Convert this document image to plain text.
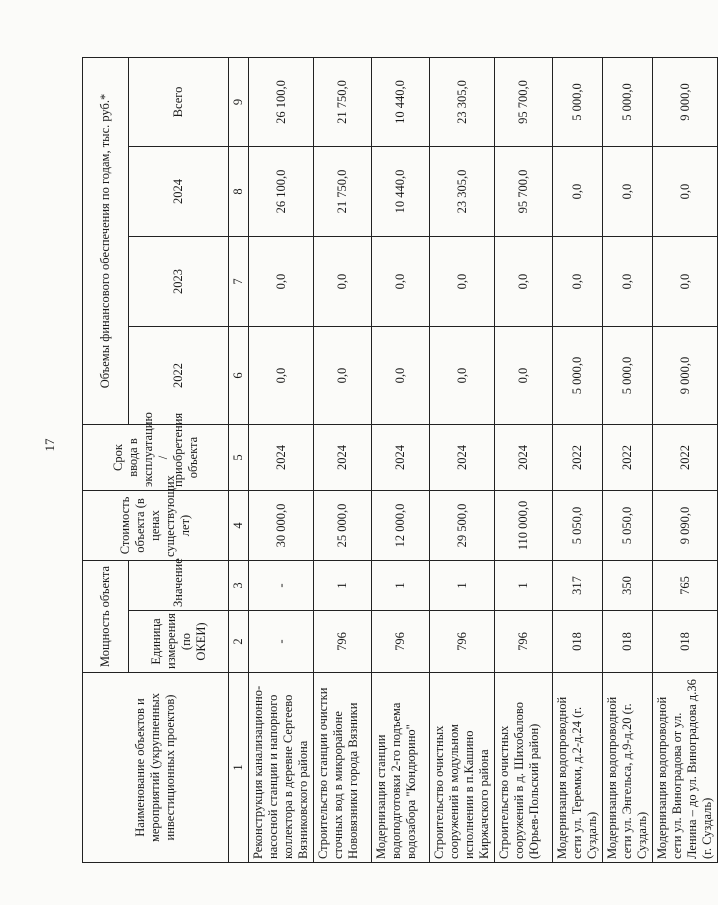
17
Наименование объектов и мероприятий (укрупненных инвестиционных проектов)	Мощность объекта		Стоимость объекта (в ценах существующих лет)	Срок ввода в эксплуатацию / приобретения объекта	Объемы финансового обеспечения по годам, тыс. руб.*			
	Единица измерения (по ОКЕИ)	Значение			2022	2023	2024	Всего
1	2	3	4	5	6	7	8	9
Реконструкция канализационно-насосной станции и напорного коллектора в деревне Сергеево Вязниковского района	-	-	30 000,0	2024	0,0	0,0	26 100,0	26 100,0
Строительство станции очистки сточных вод в микрорайоне Нововязники города Вязники	796	1	25 000,0	2024	0,0	0,0	21 750,0	21 750,0
Модернизация станции водоподготовки 2-го подъема водозабора "Кондюрино"	796	1	12 000,0	2024	0,0	0,0	10 440,0	10 440,0
Строительство очистных сооружений в модульном исполнении в п.Кашино Киржачского района	796	1	29 500,0	2024	0,0	0,0	23 305,0	23 305,0
Строительство очистных сооружений в д. Шихобалово (Юрьев-Польский район)	796	1	110 000,0	2024	0,0	0,0	95 700,0	95 700,0
Модернизация водопроводной сети ул. Теремки, д.2-д.24 (г. Суздаль)	018	317	5 050,0	2022	5 000,0	0,0	0,0	5 000,0
Модернизация водопроводной сети ул. Энгельса, д.9-д.20 (г. Суздаль)	018	350	5 050,0	2022	5 000,0	0,0	0,0	5 000,0
Модернизация водопроводной сети ул. Виноградова от ул. Ленина – до ул. Виноградова д.36 (г. Суздаль)	018	765	9 090,0	2022	9 000,0	0,0	0,0	9 000,0
